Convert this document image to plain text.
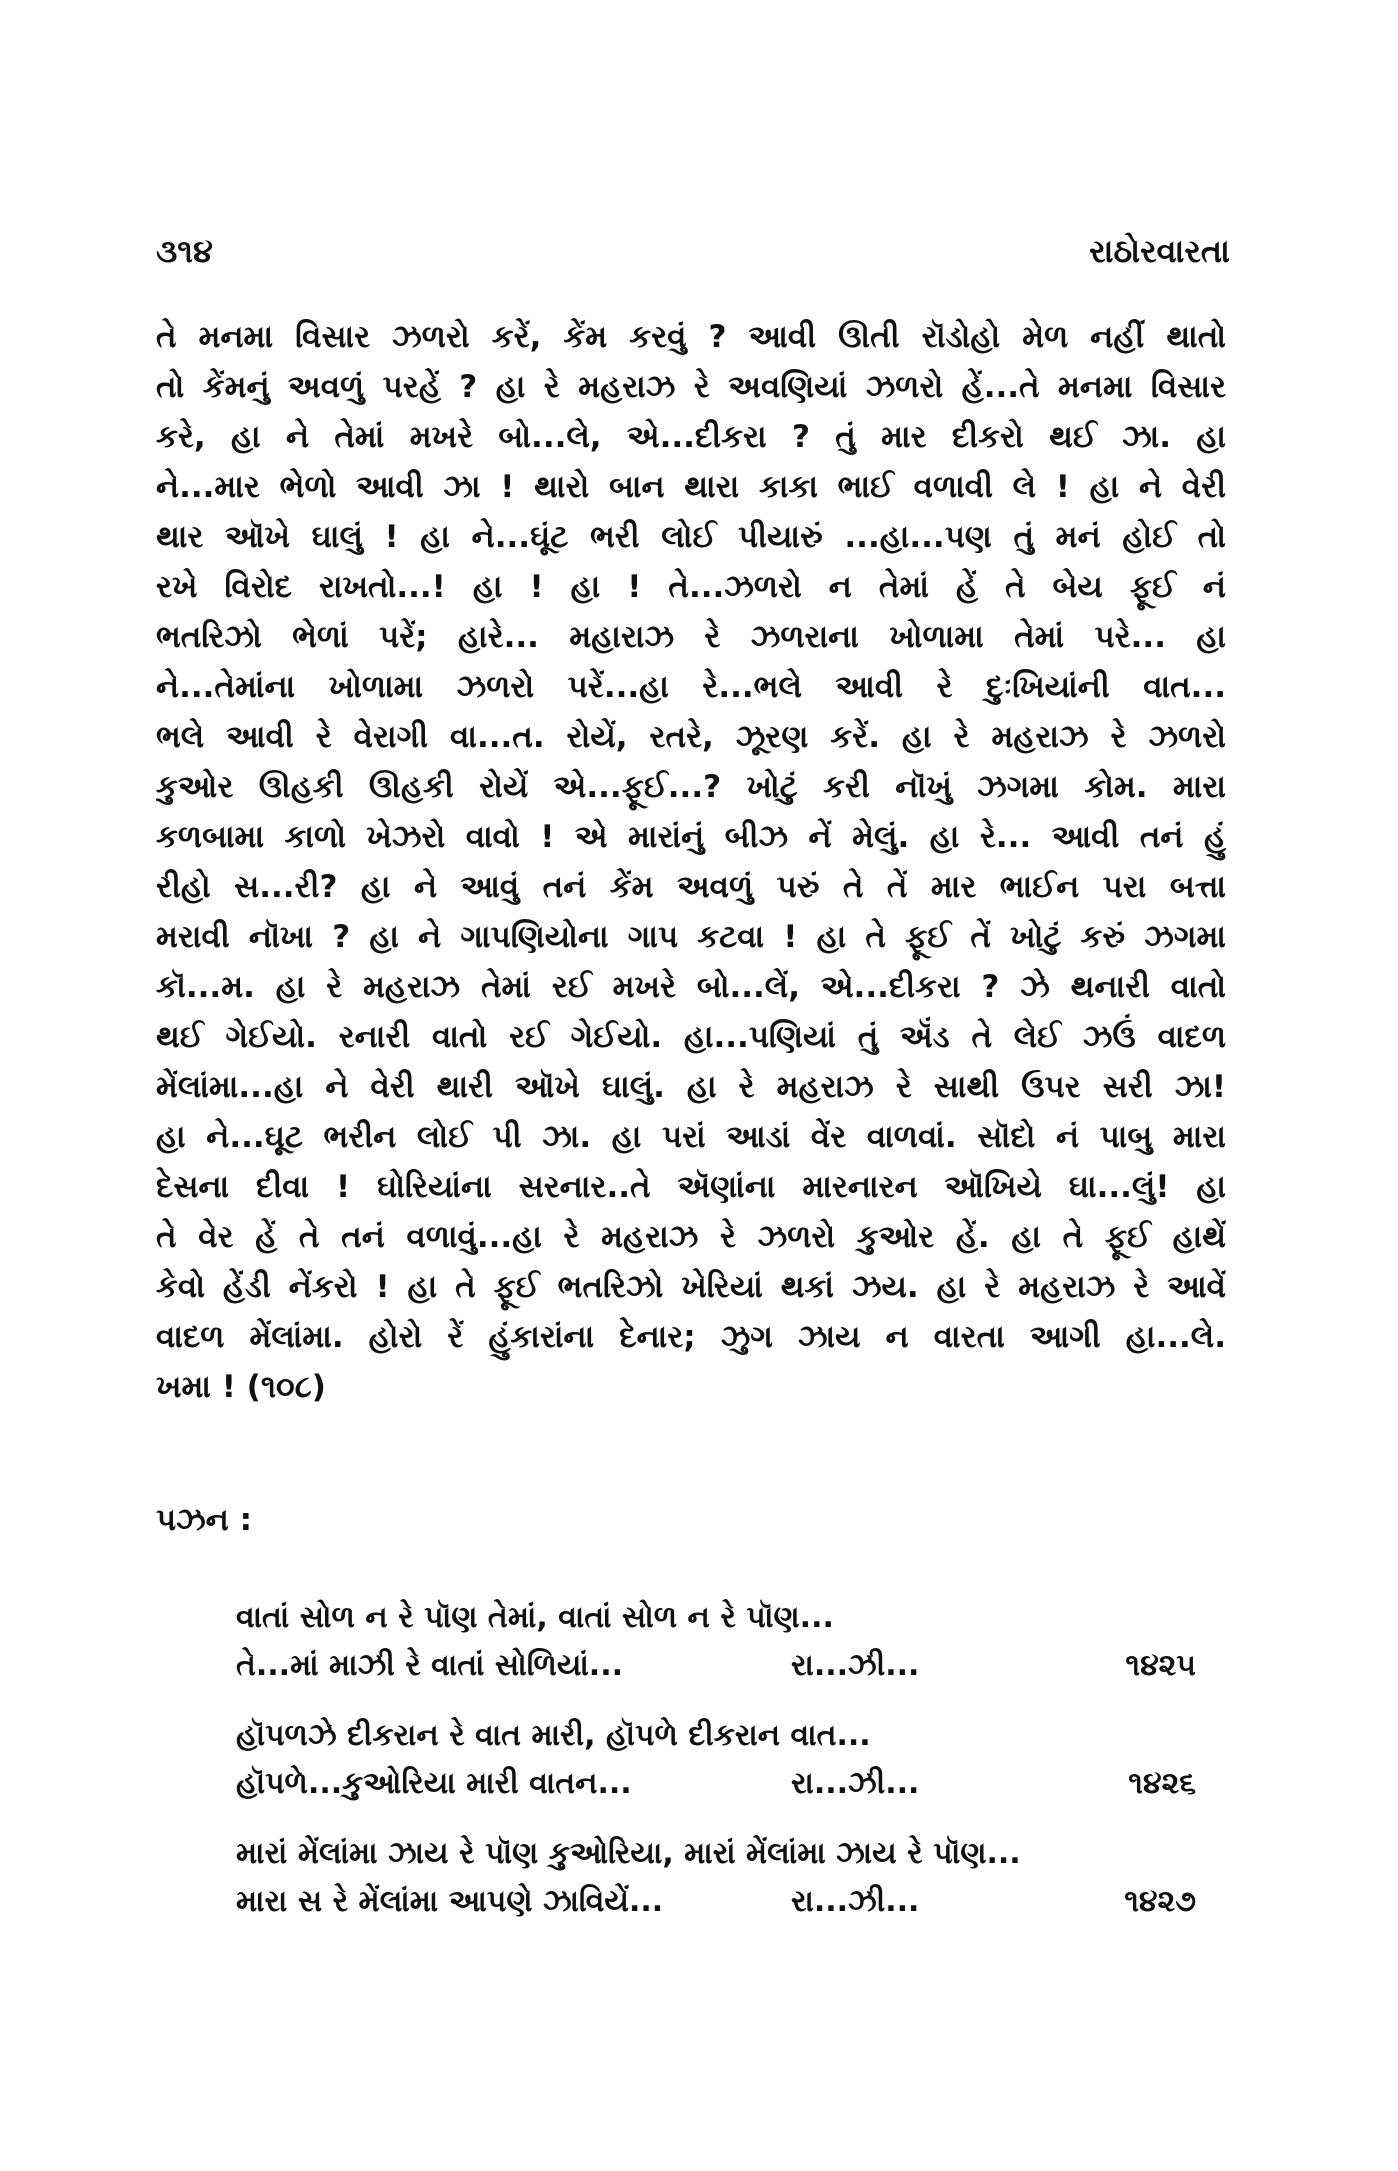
૩૧૪	રાઠોરવારતા
તે મનમા વિસાર ઝળરો કરેં, કેંમ કરવું ? આવી ઊતી રૉડોહો મેળ નહીં થાતો
તો કેંમનું અવળું પરહેં ? હા રે મહરાઝ રે અવણિયાં ઝળરો હેં...તે મનમા વિસાર
કરે, હા ને તેમાં મખરે બો...લે, એ...દીકરા ? તું માર દીકરો થઈ ઝા. હા
ને...માર ભેળો આવી ઝા ! થારો બાન થારા કાકા ભાઈ વળાવી લે ! હા ને વેરી
થાર ઑખે ઘાલું ! હા ને...ઘૂંટ ભરી લોઈ પીયારું ...હા...પણ તું મનં હોઈ તો
રખે વિરોદ રાખતો...! હા ! હા ! તે...ઝળરો ન તેમાં હેં તે બેય ફૂઈ નં
ભતરિઝો ભેળાં પરેં; હારે... મહારાઝ રે ઝળરાના ખોળામા તેમાં પરે... હા
ને...તેમાંના ખોળામા ઝળરો પરેં...હા રે...ભલે આવી રે દુઃખિયાંની વાત...
ભલે આવી રે વેરાગી વા...ત. રોયેં, રતરે, ઝૂરણ કરેં. હા રે મહરાઝ રે ઝળરો
કુઓર ઊહકી ઊહકી રોયેં એ...ફૂઈ...? ખોટું કરી નૉખું ઝગમા કોમ. મારા
કળબામા કાળો ખેઝરો વાવો ! એ મારાંનું બીઝ નેં મેલું. હા રે... આવી તનં હું
રીહો સ...રી? હા ને આવું તનં કેંમ અવળું પરું તે તેં માર ભાઈન પરા બત્તા
મરાવી નૉખા ? હા ને ગાપણિયોના ગાપ કટવા ! હા તે ફૂઈ તેં ખોટું કરું ઝગમા
કૉ...મ. હા રે મહરાઝ તેમાં રઈ મખરે બો...લેં, એ...દીકરા ? ઝે થનારી વાતો
થઈ ગેઈયો. રનારી વાતો રઈ ગેઈયો. હા...પણિયાં તું ઍંડ તે લેઈ ઝઉં વાદળ
મેંલાંમા...હા ને વેરી થારી ઑખે ઘાલું. હા રે મહરાઝ રે સાથી ઉપર સરી ઝા!
હા ને...ઘૂટ ભરીન લોઈ પી ઝા. હા પરાં આડાં વેંર વાળવાં. સૉદો નં પાબુ મારા
દેસના દીવા ! ઘોરિયાંના સરનાર..તે ઍણાંના મારનારન ઑખિયે ઘા...લું! હા
તે વેર હેં તે તનં વળાવું...હા રે મહરાઝ રે ઝળરો કુઓર હેં. હા તે ફૂઈ હાથેં
કેવો હેંડી નેંકરો ! હા તે ફૂઈ ભતરિઝો ખેરિયાં થકાં ઝય. હા રે મહરાઝ રે આવેં
વાદળ મેંલાંમા. હોરો રેં હુંકારાંના દેનાર; ઝુગ ઝાય ન વારતા આગી હા...લે.
ખમા ! (૧૦૮)
પઝન :
વાતાં સોળ ન રે પૉણ તેમાં, વાતાં સોળ ન રે પૉણ...
તે...માં માઝી રે વાતાં સોળિયાં...	રા...ઝી...	૧૪૨૫
હૉપળઝે દીકરાન રે વાત મારી, હૉપળે દીકરાન વાત...
હૉપળે...કુઓરિયા મારી વાતન...	રા...ઝી...	૧૪૨૬
મારાં મેંલાંમા ઝાય રે પૉણ કુઓરિયા, મારાં મેંલાંમા ઝાય રે પૉણ...
મારા સ રે મેંલાંમા આપણે ઝાવિયેં...	રા...ઝી...	૧૪૨૭
